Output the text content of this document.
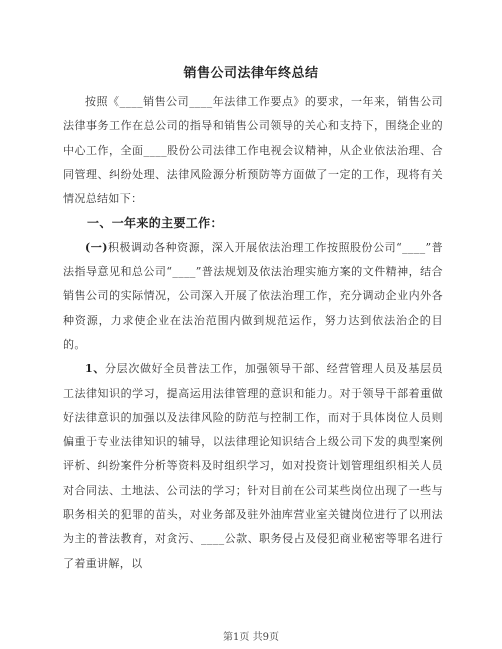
销售公司法律年终总结

按照《____销售公司____年法律工作要点》的要求，一年来，销售公司法律事务工作在总公司的指导和销售公司领导的关心和支持下，围绕企业的中心工作，全面____股份公司法律工作电视会议精神，从企业依法治理、合同管理、纠纷处理、法律风险源分析预防等方面做了一定的工作，现将有关情况总结如下：

一、一年来的主要工作：

(一)积极调动各种资源，深入开展依法治理工作按照股份公司“____”普法指导意见和总公司“____”普法规划及依法治理实施方案的文件精神，结合销售公司的实际情况，公司深入开展了依法治理工作，充分调动企业内外各种资源，力求使企业在法治范围内做到规范运作，努力达到依法治企的目的。

1、分层次做好全员普法工作，加强领导干部、经营管理人员及基层员工法律知识的学习，提高运用法律管理的意识和能力。对于领导干部着重做好法律意识的加强以及法律风险的防范与控制工作，而对于具体岗位人员则偏重于专业法律知识的辅导，以法律理论知识结合上级公司下发的典型案例评析、纠纷案件分析等资料及时组织学习，如对投资计划管理组织相关人员对合同法、土地法、公司法的学习；针对目前在公司某些岗位出现了一些与职务相关的犯罪的苗头，对业务部及驻外油库营业室关键岗位进行了以刑法为主的普法教育，对贪污、____公款、职务侵占及侵犯商业秘密等罪名进行了着重讲解，以

第1页 共9页
